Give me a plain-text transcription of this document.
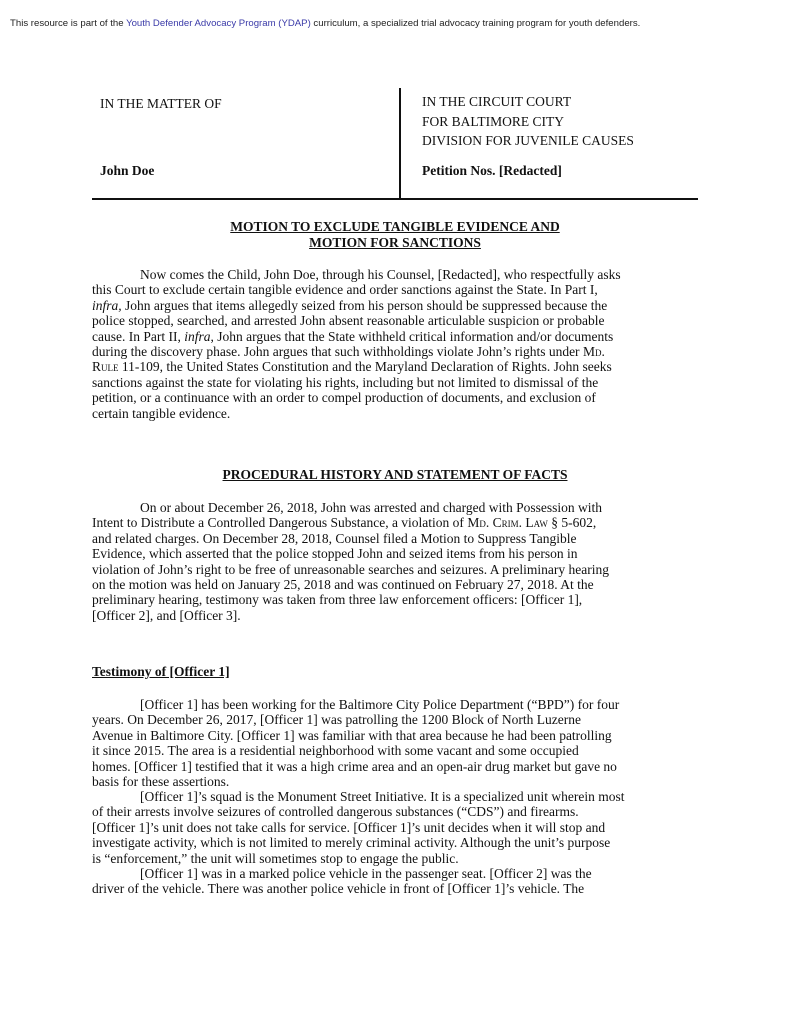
This resource is part of the Youth Defender Advocacy Program (YDAP) curriculum, a specialized trial advocacy training program for youth defenders.
IN THE MATTER OF
John Doe
IN THE CIRCUIT COURT
FOR BALTIMORE CITY
DIVISION FOR JUVENILE CAUSES
Petition Nos. [Redacted]
MOTION TO EXCLUDE TANGIBLE EVIDENCE AND
MOTION FOR SANCTIONS

Now comes the Child, John Doe, through his Counsel, [Redacted], who respectfully asks
this Court to exclude certain tangible evidence and order sanctions against the State. In Part I,
infra, John argues that items allegedly seized from his person should be suppressed because the
police stopped, searched, and arrested John absent reasonable articulable suspicion or probable
cause. In Part II, infra, John argues that the State withheld critical information and/or documents
during the discovery phase. John argues that such withholdings violate John’s rights under Md.
Rule 11-109, the United States Constitution and the Maryland Declaration of Rights. John seeks
sanctions against the state for violating his rights, including but not limited to dismissal of the
petition, or a continuance with an order to compel production of documents, and exclusion of
certain tangible evidence.

PROCEDURAL HISTORY AND STATEMENT OF FACTS

On or about December 26, 2018, John was arrested and charged with Possession with
Intent to Distribute a Controlled Dangerous Substance, a violation of Md. Crim. Law § 5-602,
and related charges. On December 28, 2018, Counsel filed a Motion to Suppress Tangible
Evidence, which asserted that the police stopped John and seized items from his person in
violation of John’s right to be free of unreasonable searches and seizures. A preliminary hearing
on the motion was held on January 25, 2018 and was continued on February 27, 2018. At the
preliminary hearing, testimony was taken from three law enforcement officers: [Officer 1],
[Officer 2], and [Officer 3].

Testimony of [Officer 1]

[Officer 1] has been working for the Baltimore City Police Department (“BPD”) for four
years. On December 26, 2017, [Officer 1] was patrolling the 1200 Block of North Luzerne
Avenue in Baltimore City. [Officer 1] was familiar with that area because he had been patrolling
it since 2015. The area is a residential neighborhood with some vacant and some occupied
homes. [Officer 1] testified that it was a high crime area and an open-air drug market but gave no
basis for these assertions.

[Officer 1]’s squad is the Monument Street Initiative. It is a specialized unit wherein most
of their arrests involve seizures of controlled dangerous substances (“CDS”) and firearms.
[Officer 1]’s unit does not take calls for service. [Officer 1]’s unit decides when it will stop and
investigate activity, which is not limited to merely criminal activity. Although the unit’s purpose
is “enforcement,” the unit will sometimes stop to engage the public.

[Officer 1] was in a marked police vehicle in the passenger seat. [Officer 2] was the
driver of the vehicle. There was another police vehicle in front of [Officer 1]’s vehicle. The
